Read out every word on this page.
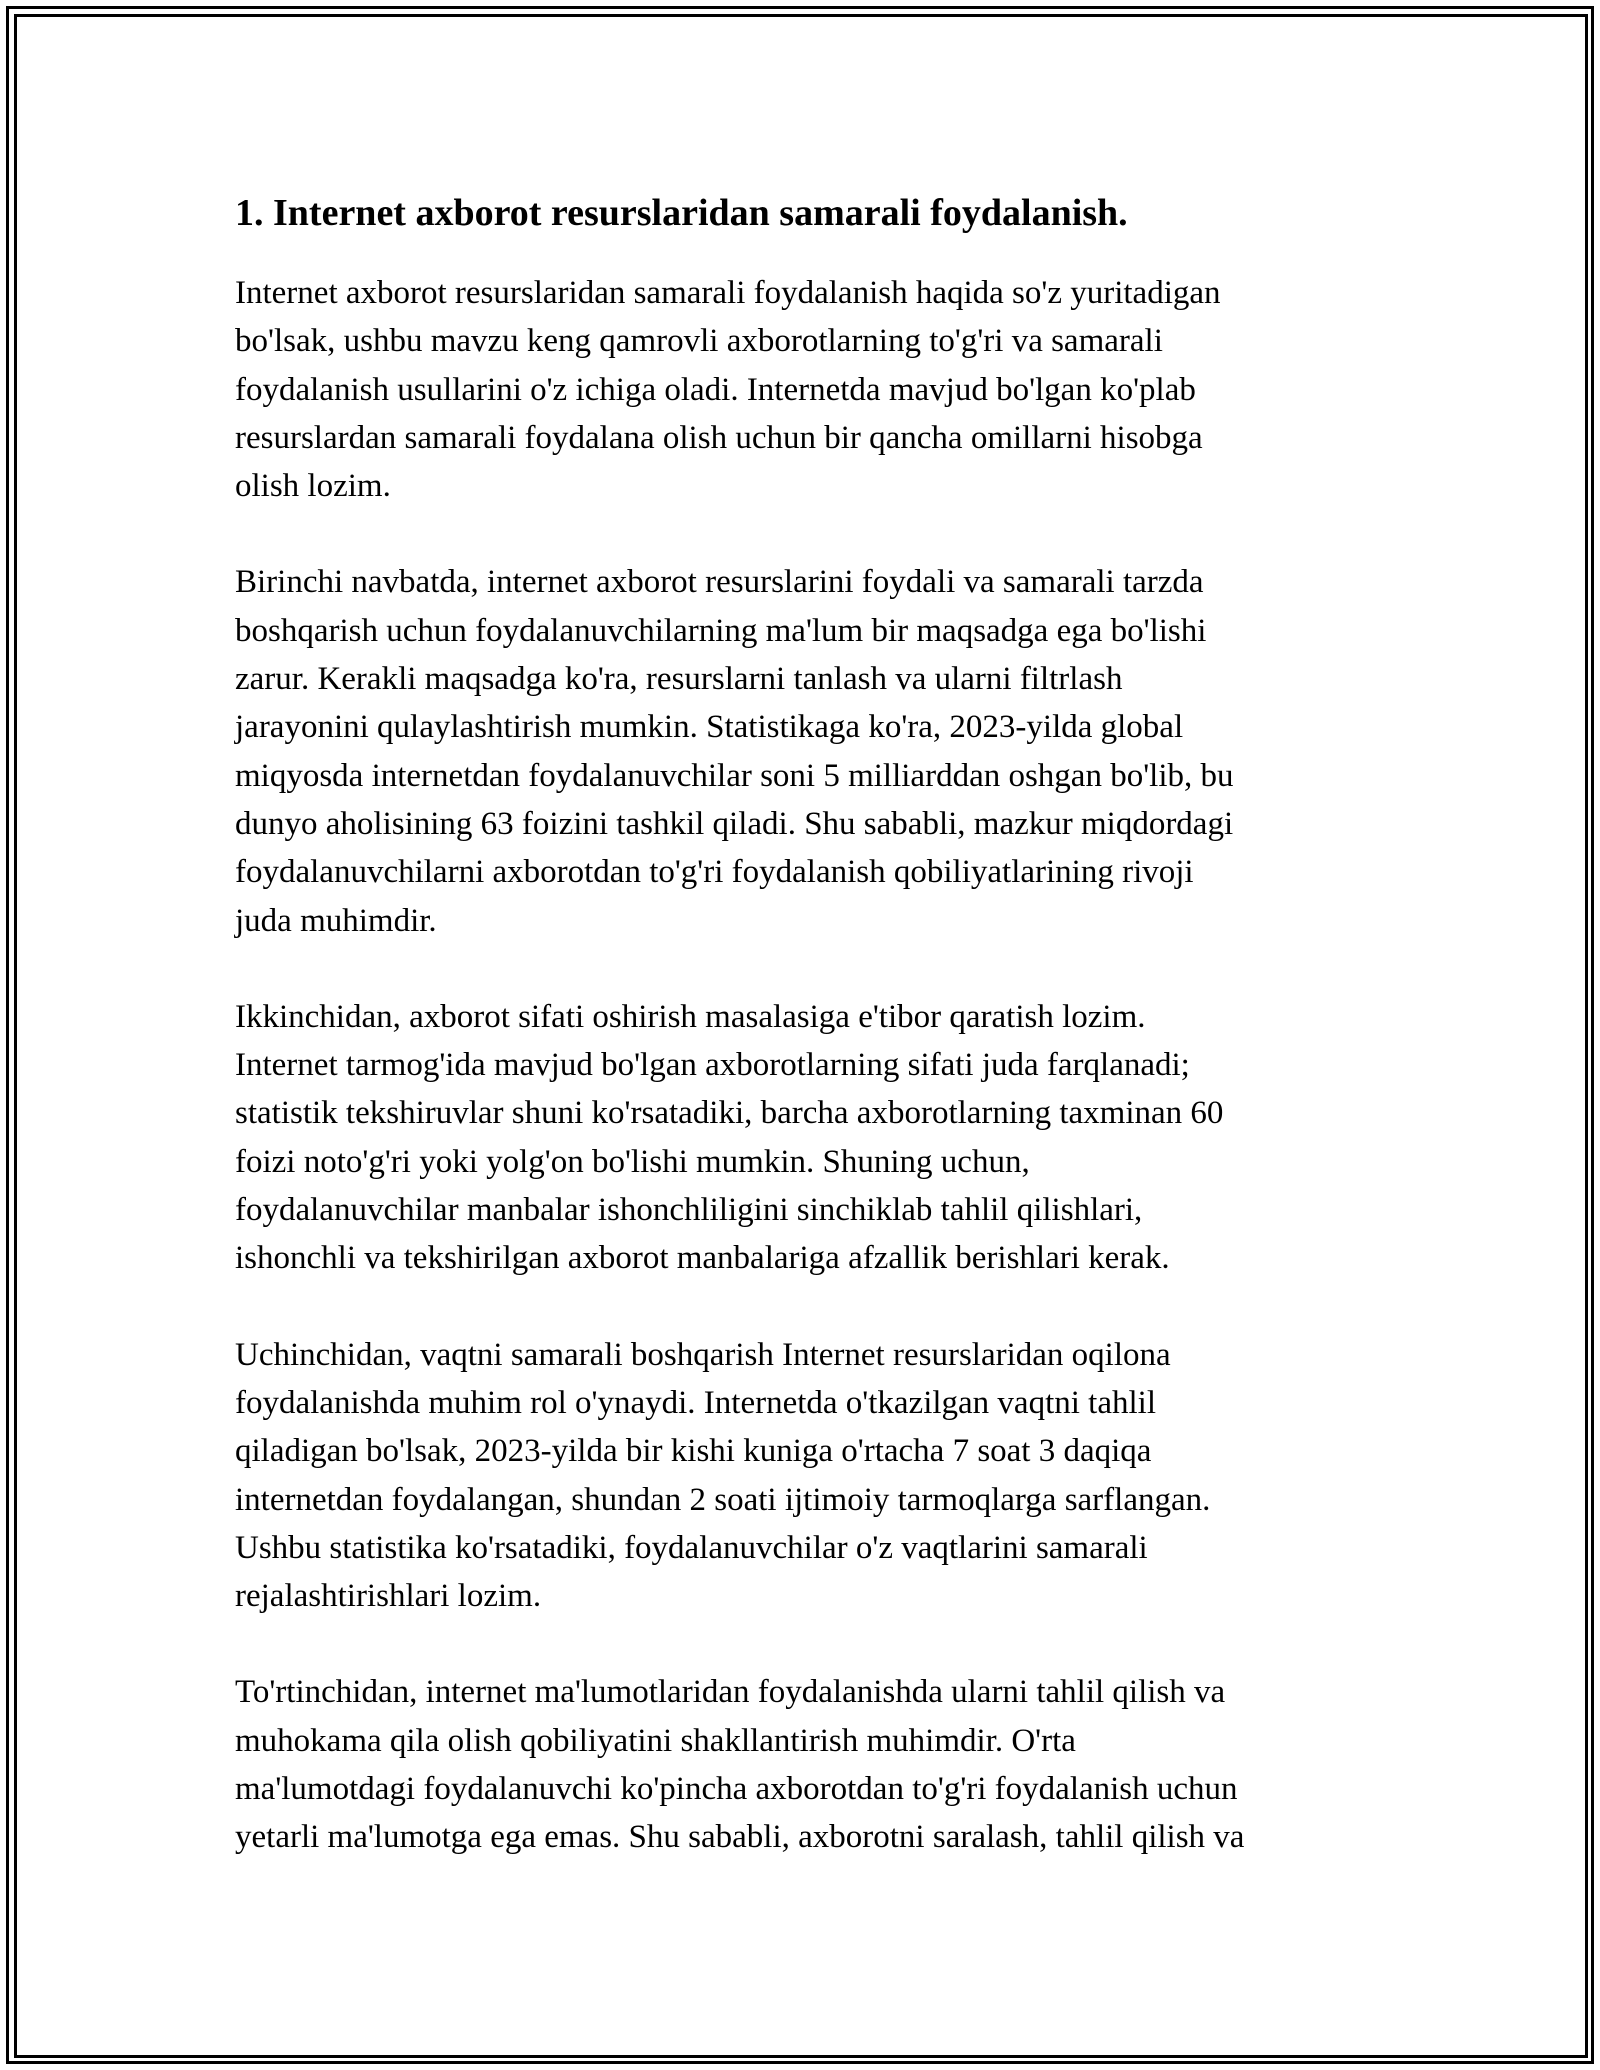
1. Internet axborot resurslaridan samarali foydalanish.
Internet axborot resurslaridan samarali foydalanish haqida so'z yuritadigan
bo'lsak, ushbu mavzu keng qamrovli axborotlarning to'g'ri va samarali
foydalanish usullarini o'z ichiga oladi. Internetda mavjud bo'lgan ko'plab
resurslardan samarali foydalana olish uchun bir qancha omillarni hisobga
olish lozim.
Birinchi navbatda, internet axborot resurslarini foydali va samarali tarzda
boshqarish uchun foydalanuvchilarning ma'lum bir maqsadga ega bo'lishi
zarur. Kerakli maqsadga ko'ra, resurslarni tanlash va ularni filtrlash
jarayonini qulaylashtirish mumkin. Statistikaga ko'ra, 2023-yilda global
miqyosda internetdan foydalanuvchilar soni 5 milliarddan oshgan bo'lib, bu
dunyo aholisining 63 foizini tashkil qiladi. Shu sababli, mazkur miqdordagi
foydalanuvchilarni axborotdan to'g'ri foydalanish qobiliyatlarining rivoji
juda muhimdir.
Ikkinchidan, axborot sifati oshirish masalasiga e'tibor qaratish lozim.
Internet tarmog'ida mavjud bo'lgan axborotlarning sifati juda farqlanadi;
statistik tekshiruvlar shuni ko'rsatadiki, barcha axborotlarning taxminan 60
foizi noto'g'ri yoki yolg'on bo'lishi mumkin. Shuning uchun,
foydalanuvchilar manbalar ishonchliligini sinchiklab tahlil qilishlari,
ishonchli va tekshirilgan axborot manbalariga afzallik berishlari kerak.
Uchinchidan, vaqtni samarali boshqarish Internet resurslaridan oqilona
foydalanishda muhim rol o'ynaydi. Internetda o'tkazilgan vaqtni tahlil
qiladigan bo'lsak, 2023-yilda bir kishi kuniga o'rtacha 7 soat 3 daqiqa
internetdan foydalangan, shundan 2 soati ijtimoiy tarmoqlarga sarflangan.
Ushbu statistika ko'rsatadiki, foydalanuvchilar o'z vaqtlarini samarali
rejalashtirishlari lozim.
To'rtinchidan, internet ma'lumotlaridan foydalanishda ularni tahlil qilish va
muhokama qila olish qobiliyatini shakllantirish muhimdir. O'rta
ma'lumotdagi foydalanuvchi ko'pincha axborotdan to'g'ri foydalanish uchun
yetarli ma'lumotga ega emas. Shu sababli, axborotni saralash, tahlil qilish va
